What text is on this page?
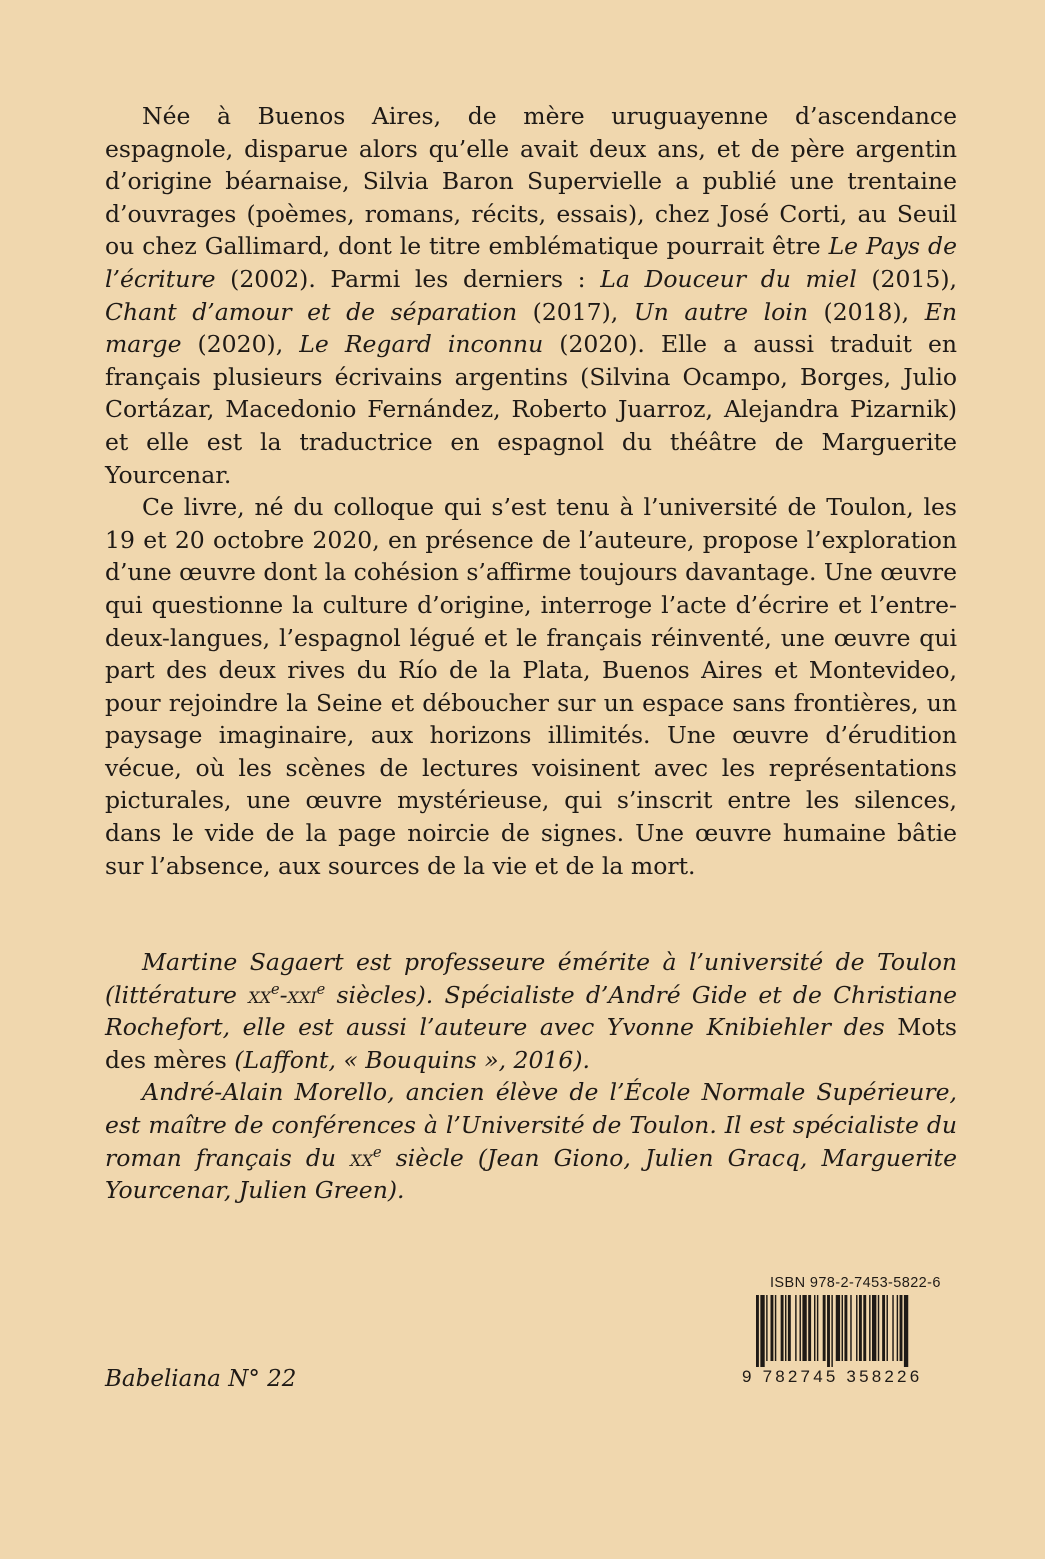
Née à Buenos Aires, de mère uruguayenne d’ascendance espagnole, disparue alors qu’elle avait deux ans, et de père argentin d’origine béarnaise, Silvia Baron Supervielle a publié une trentaine d’ouvrages (poèmes, romans, récits, essais), chez José Corti, au Seuil ou chez Gallimard, dont le titre emblématique pourrait être Le Pays de l’écriture (2002). Parmi les derniers : La Douceur du miel (2015), Chant d’amour et de séparation (2017), Un autre loin (2018), En marge (2020), Le Regard inconnu (2020). Elle a aussi traduit en français plusieurs écrivains argentins (Silvina Ocampo, Borges, Julio Cortázar, Macedonio Fernández, Roberto Juarroz, Alejandra Pizarnik) et elle est la traductrice en espagnol du théâtre de Marguerite Yourcenar.

Ce livre, né du colloque qui s’est tenu à l’université de Toulon, les 19 et 20 octobre 2020, en présence de l’auteure, propose l’exploration d’une œuvre dont la cohésion s’affirme toujours davantage. Une œuvre qui questionne la culture d’origine, interroge l’acte d’écrire et l’entre-deux-langues, l’espagnol légué et le français réinventé, une œuvre qui part des deux rives du Río de la Plata, Buenos Aires et Montevideo, pour rejoindre la Seine et déboucher sur un espace sans frontières, un paysage imaginaire, aux horizons illimités. Une œuvre d’érudition vécue, où les scènes de lectures voisinent avec les représentations picturales, une œuvre mystérieuse, qui s’inscrit entre les silences, dans le vide de la page noircie de signes. Une œuvre humaine bâtie sur l’absence, aux sources de la vie et de la mort.

Martine Sagaert est professeure émérite à l’université de Toulon (littérature $xx^e-xxi^e$ siècles). Spécialiste d’André Gide et de Christiane Rochefort, elle est aussi l’auteure avec Yvonne Knibiehler des Mots des mères (Laffont, « Bouquins », 2016).

André-Alain Morello, ancien élève de l’École Normale Supérieure, est maître de conférences à l’Université de Toulon. Il est spécialiste du roman français du $xx^e$ siècle (Jean Giono, Julien Gracq, Marguerite Yourcenar, Julien Green).

Babeliana N° 22
ISBN 978-2-7453-5822-6
9 782745 358226
